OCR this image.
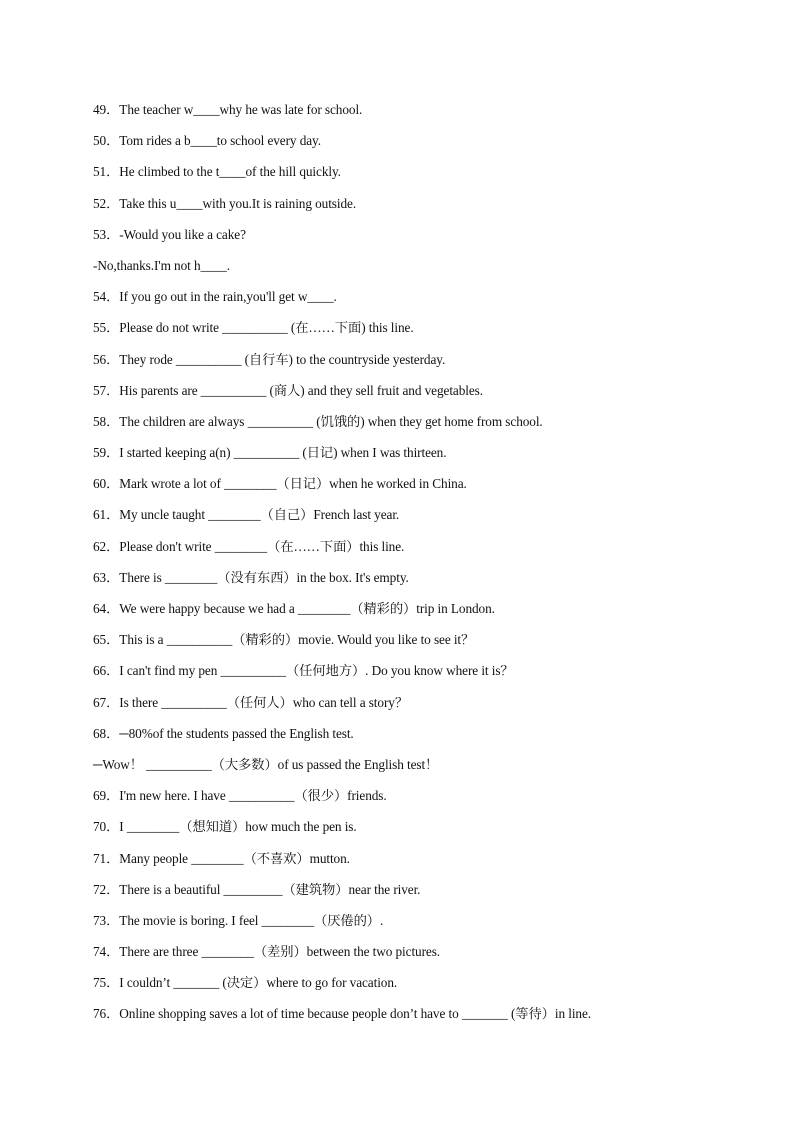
49．The teacher w____why he was late for school.
50．Tom rides a b____to school every day.
51．He climbed to the t____of the hill quickly.
52．Take this u____with you.It is raining outside.
53．-Would you like a cake?
-No,thanks.I'm not h____.
54．If you go out in the rain,you'll get w____.
55．Please do not write __________ (在……下面) this line.
56．They rode __________ (自行车) to the countryside yesterday.
57．His parents are __________ (商人) and they sell fruit and vegetables.
58．The children are always __________ (饥饿的) when they get home from school.
59．I started keeping a(n) __________ (日记) when I was thirteen.
60．Mark wrote a lot of ________（日记）when he worked in China.
61．My uncle taught ________（自己）French last year.
62．Please don't write ________（在……下面）this line.
63．There is ________（没有东西）in the box. It's empty.
64．We were happy because we had a ________（精彩的）trip in London.
65．This is a __________（精彩的）movie. Would you like to see it？
66．I can't find my pen __________（任何地方）. Do you know where it is？
67．Is there __________（任何人）who can tell a story？
68．─80%of the students passed the English test.
─Wow！ __________（大多数）of us passed the English test！
69．I'm new here. I have __________（很少）friends.
70．I ________（想知道）how much the pen is.
71．Many people ________（不喜欢）mutton.
72．There is a beautiful _________（建筑物）near the river.
73．The movie is boring. I feel ________（厌倦的）.
74．There are three ________（差别）between the two pictures.
75．I couldn’t _______ (决定）where to go for vacation.
76．Online shopping saves a lot of time because people don’t have to _______ (等待）in line.
